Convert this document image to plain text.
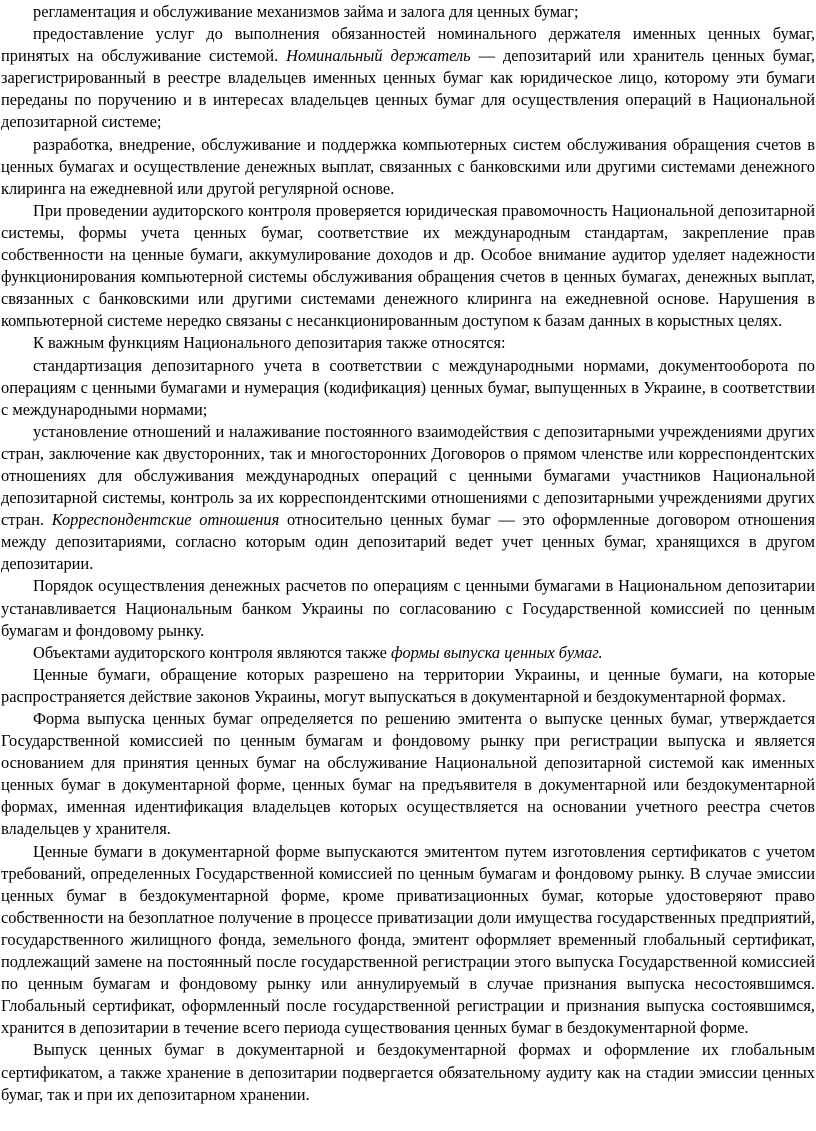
регламентация и обслуживание механизмов займа и залога для ценных бумаг;

предоставление услуг до выполнения обязанностей номинального держателя именных ценных бумаг, принятых на обслуживание системой. Номинальный держатель — депозитарий или хранитель ценных бумаг, зарегистрированный в реестре владельцев именных ценных бумаг как юридическое лицо, которому эти бумаги переданы по поручению и в интересах владельцев ценных бумаг для осуществления операций в Национальной депозитарной системе;

разработка, внедрение, обслуживание и поддержка компьютерных систем обслуживания обращения счетов в ценных бумагах и осуществление денежных выплат, связанных с банковскими или другими системами денежного клиринга на ежедневной или другой регулярной основе.

При проведении аудиторского контроля проверяется юридическая правомочность Национальной депозитарной системы, формы учета ценных бумаг, соответствие их международным стандартам, закрепление прав собственности на ценные бумаги, аккумулирование доходов и др. Особое внимание аудитор уделяет надежности функционирования компьютерной системы обслуживания обращения счетов в ценных бумагах, денежных выплат, связанных с банковскими или другими системами денежного клиринга на ежедневной основе. Нарушения в компьютерной системе нередко связаны с несанкционированным доступом к базам данных в корыстных целях.

К важным функциям Национального депозитария также относятся:

стандартизация депозитарного учета в соответствии с международными нормами, документооборота по операциям с ценными бумагами и нумерация (кодификация) ценных бумаг, выпущенных в Украине, в соответствии с международными нормами;

установление отношений и налаживание постоянного взаимодействия с депозитарными учреждениями других стран, заключение как двусторонних, так и многосторонних Договоров о прямом членстве или корреспондентских отношениях для обслуживания международных операций с ценными бумагами участников Национальной депозитарной системы, контроль за их корреспондентскими отношениями с депозитарными учреждениями других стран. Корреспондентские отношения относительно ценных бумаг — это оформленные договором отношения между депозитариями, согласно которым один депозитарий ведет учет ценных бумаг, хранящихся в другом депозитарии.

Порядок осуществления денежных расчетов по операциям с ценными бумагами в Национальном депозитарии устанавливается Национальным банком Украины по согласованию с Государственной комиссией по ценным бумагам и фондовому рынку.

Объектами аудиторского контроля являются также формы выпуска ценных бумаг.

Ценные бумаги, обращение которых разрешено на территории Украины, и ценные бумаги, на которые распространяется действие законов Украины, могут выпускаться в документарной и бездокументарной формах.

Форма выпуска ценных бумаг определяется по решению эмитента о выпуске ценных бумаг, утверждается Государственной комиссией по ценным бумагам и фондовому рынку при регистрации выпуска и является основанием для принятия ценных бумаг на обслуживание Национальной депозитарной системой как именных ценных бумаг в документарной форме, ценных бумаг на предъявителя в документарной или бездокументарной формах, именная идентификация владельцев которых осуществляется на основании учетного реестра счетов владельцев у хранителя.

Ценные бумаги в документарной форме выпускаются эмитентом путем изготовления сертификатов с учетом требований, определенных Государственной комиссией по ценным бумагам и фондовому рынку. В случае эмиссии ценных бумаг в бездокументарной форме, кроме приватизационных бумаг, которые удостоверяют право собственности на безоплатное получение в процессе приватизации доли имущества государственных предприятий, государственного жилищного фонда, земельного фонда, эмитент оформляет временный глобальный сертификат, подлежащий замене на постоянный после государственной регистрации этого выпуска Государственной комиссией по ценным бумагам и фондовому рынку или аннулируемый в случае признания выпуска несостоявшимся. Глобальный сертификат, оформленный после государственной регистрации и признания выпуска состоявшимся, хранится в депозитарии в течение всего периода существования ценных бумаг в бездокументарной форме.

Выпуск ценных бумаг в документарной и бездокументарной формах и оформление их глобальным сертификатом, а также хранение в депозитарии подвергается обязательному аудиту как на стадии эмиссии ценных бумаг, так и при их депозитарном хранении.
